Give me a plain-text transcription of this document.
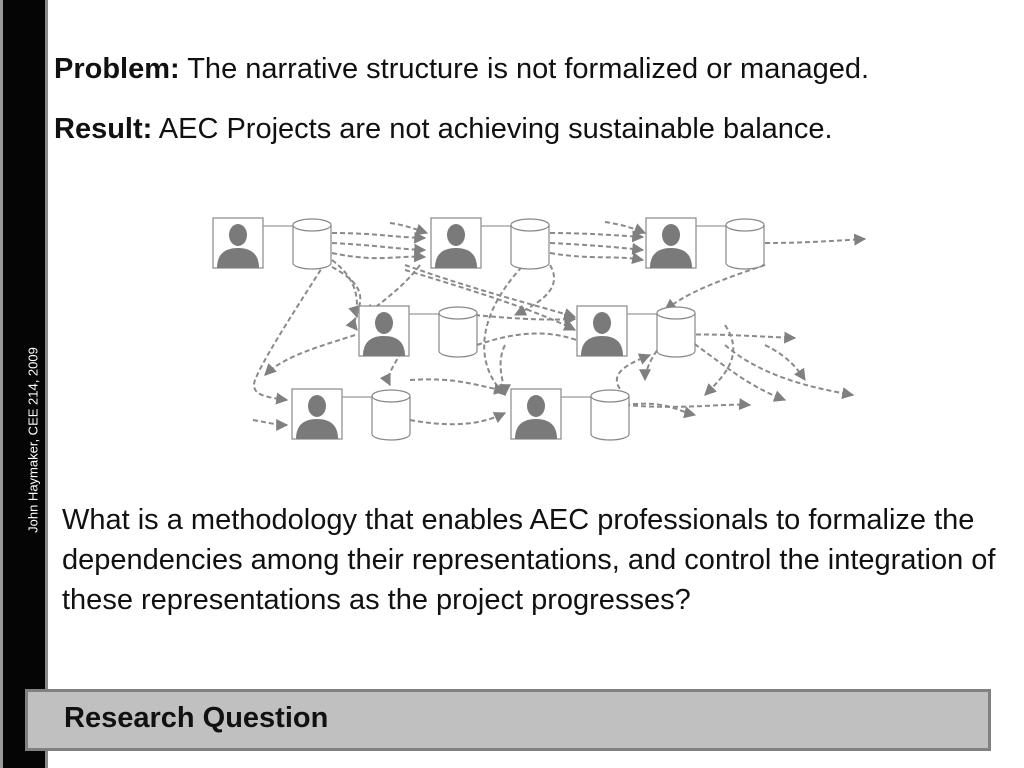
John Haymaker, CEE 214, 2009
Problem: The narrative structure is not formalized or managed.
Result: AEC Projects are not achieving sustainable balance.
What is a methodology that enables AEC professionals to formalize the dependencies among their representations, and control the integration of these representations as the project progresses?
Research Question
